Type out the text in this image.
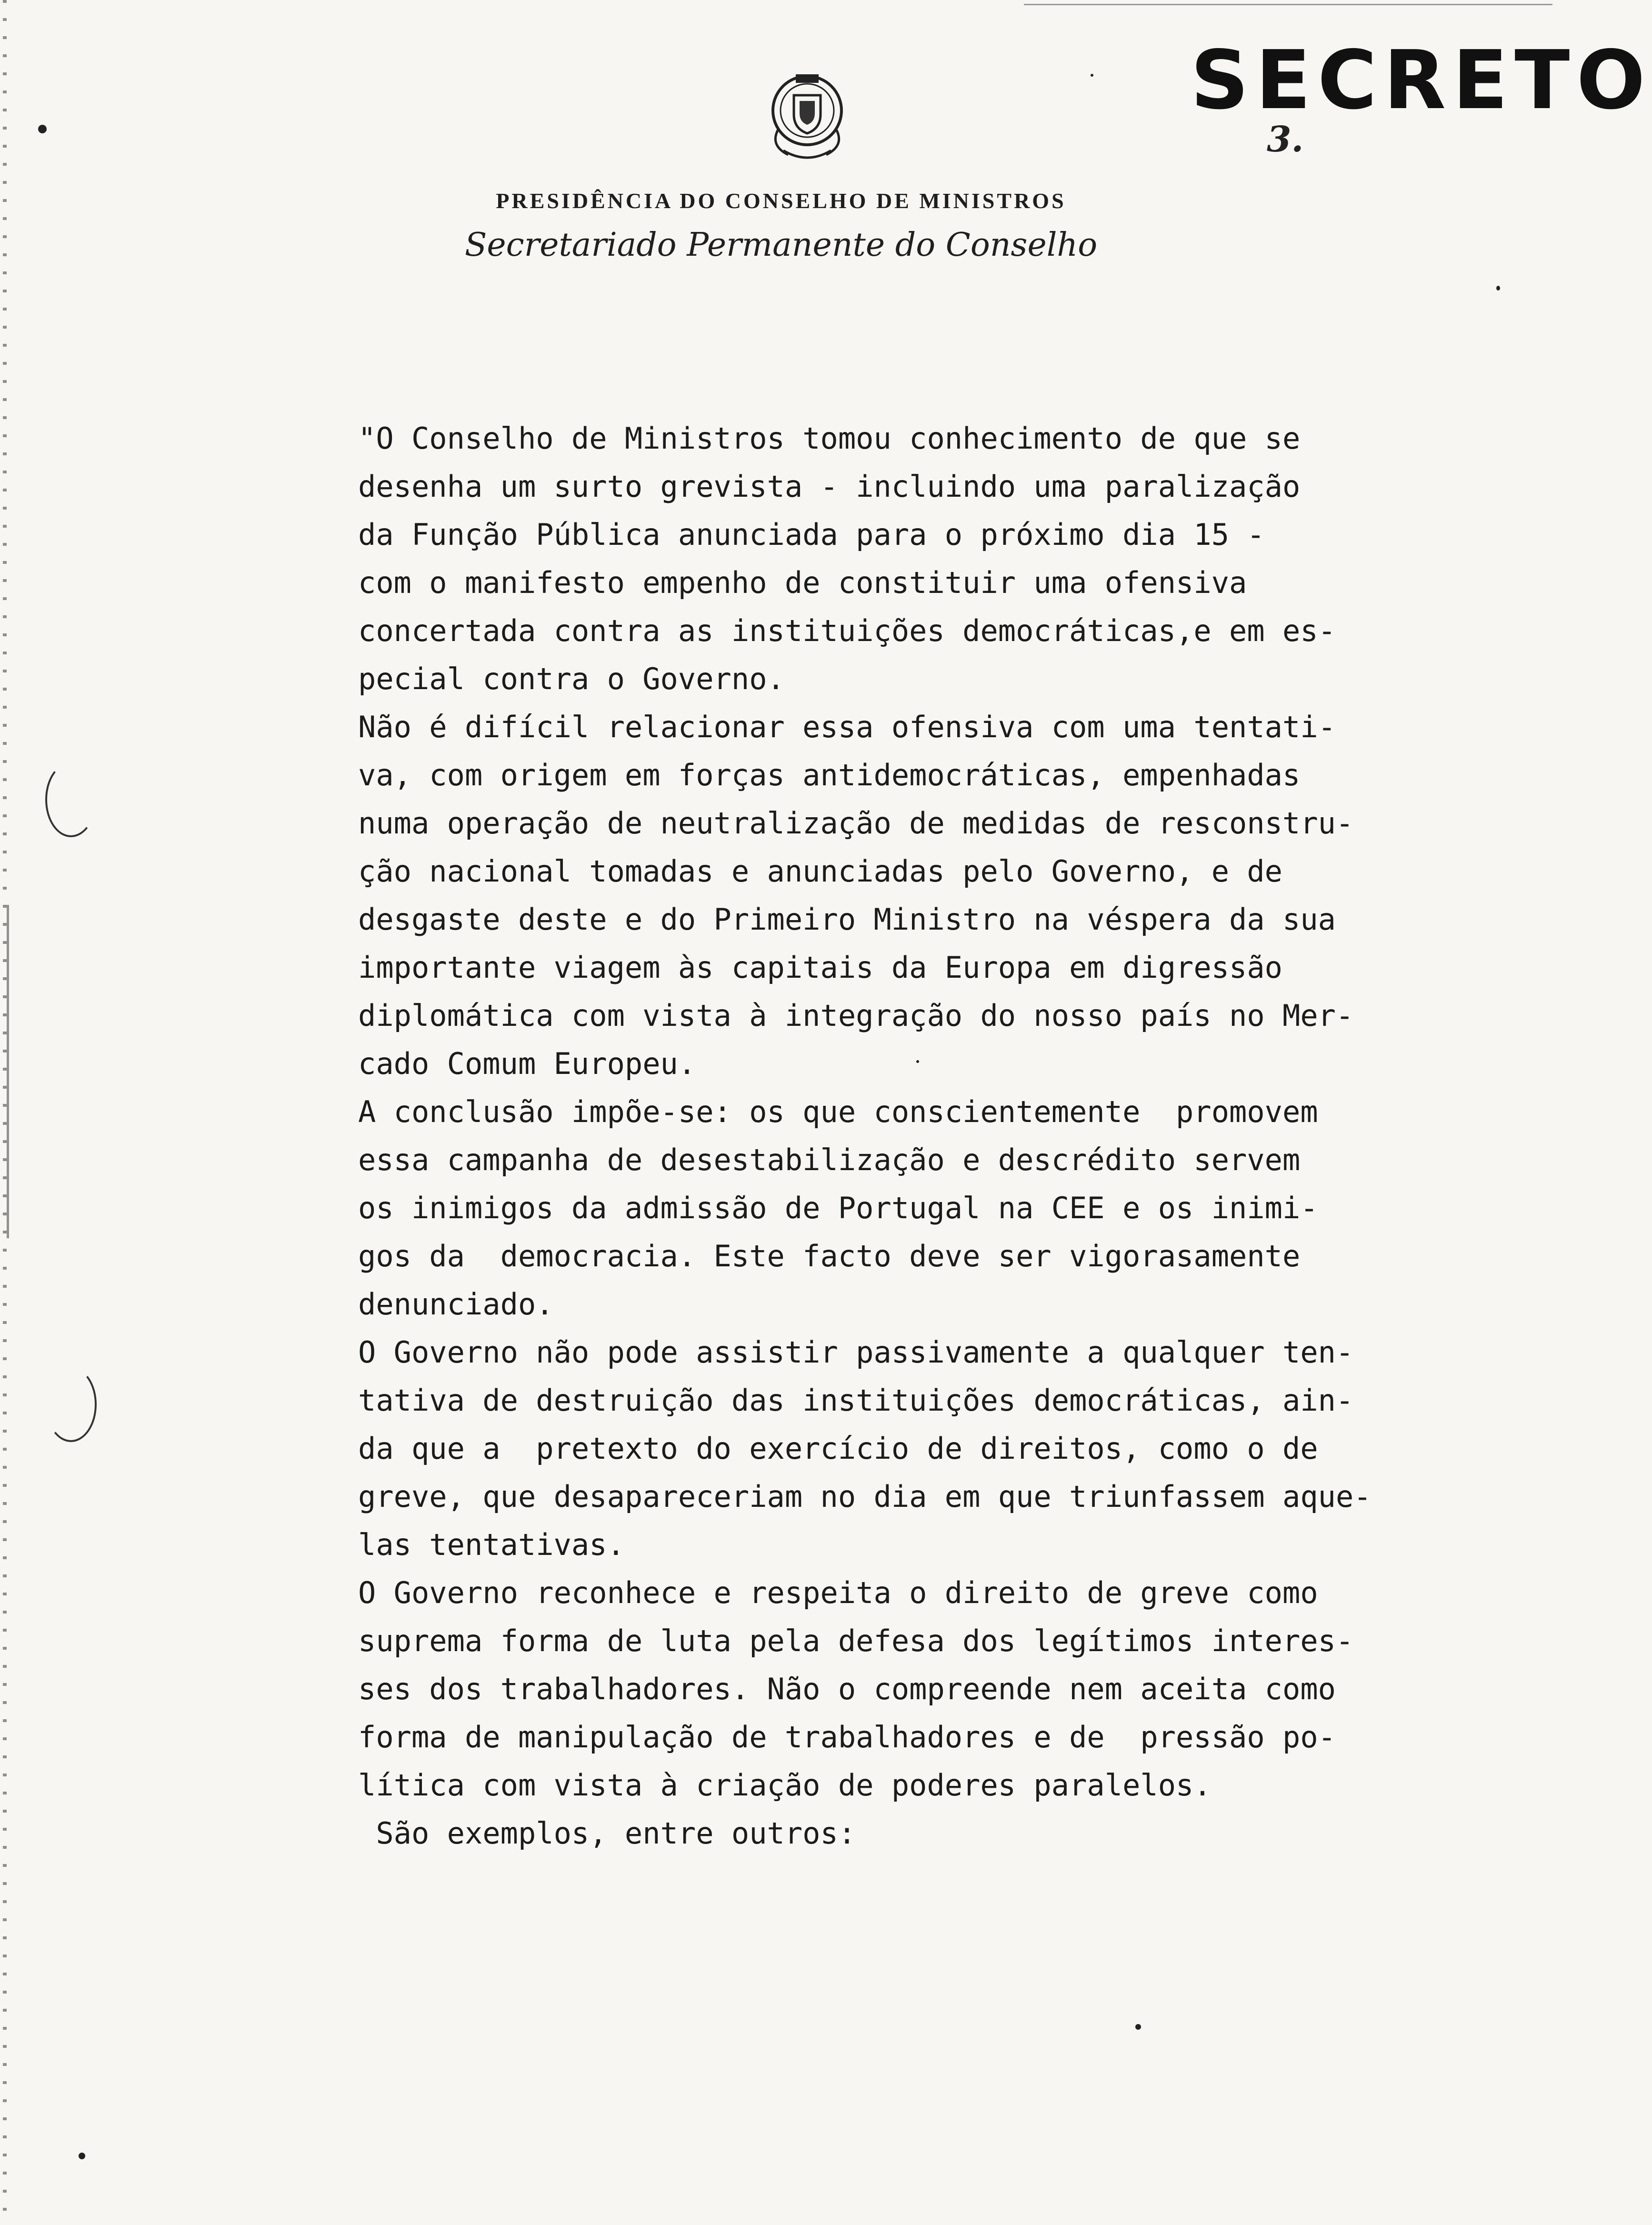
SECRETO
3.
PRESIDÊNCIA DO CONSELHO DE MINISTROS
Secretariado Permanente do Conselho
"O Conselho de Ministros tomou conhecimento de que se
desenha um surto grevista - incluindo uma paralização
da Função Pública anunciada para o próximo dia 15 -
com o manifesto empenho de constituir uma ofensiva
concertada contra as instituições democráticas,e em es-
pecial contra o Governo.
Não é difícil relacionar essa ofensiva com uma tentati-
va, com origem em forças antidemocráticas, empenhadas
numa operação de neutralização de medidas de resconstru-
ção nacional tomadas e anunciadas pelo Governo, e de
desgaste deste e do Primeiro Ministro na véspera da sua
importante viagem às capitais da Europa em digressão
diplomática com vista à integração do nosso país no Mer-
cado Comum Europeu.
A conclusão impõe-se: os que conscientemente  promovem
essa campanha de desestabilização e descrédito servem
os inimigos da admissão de Portugal na CEE e os inimi-
gos da  democracia. Este facto deve ser vigorasamente
denunciado.
O Governo não pode assistir passivamente a qualquer ten-
tativa de destruição das instituições democráticas, ain-
da que a  pretexto do exercício de direitos, como o de
greve, que desapareceriam no dia em que triunfassem aque-
las tentativas.
O Governo reconhece e respeita o direito de greve como
suprema forma de luta pela defesa dos legítimos interes-
ses dos trabalhadores. Não o compreende nem aceita como
forma de manipulação de trabalhadores e de  pressão po-
lítica com vista à criação de poderes paralelos.
São exemplos, entre outros:
